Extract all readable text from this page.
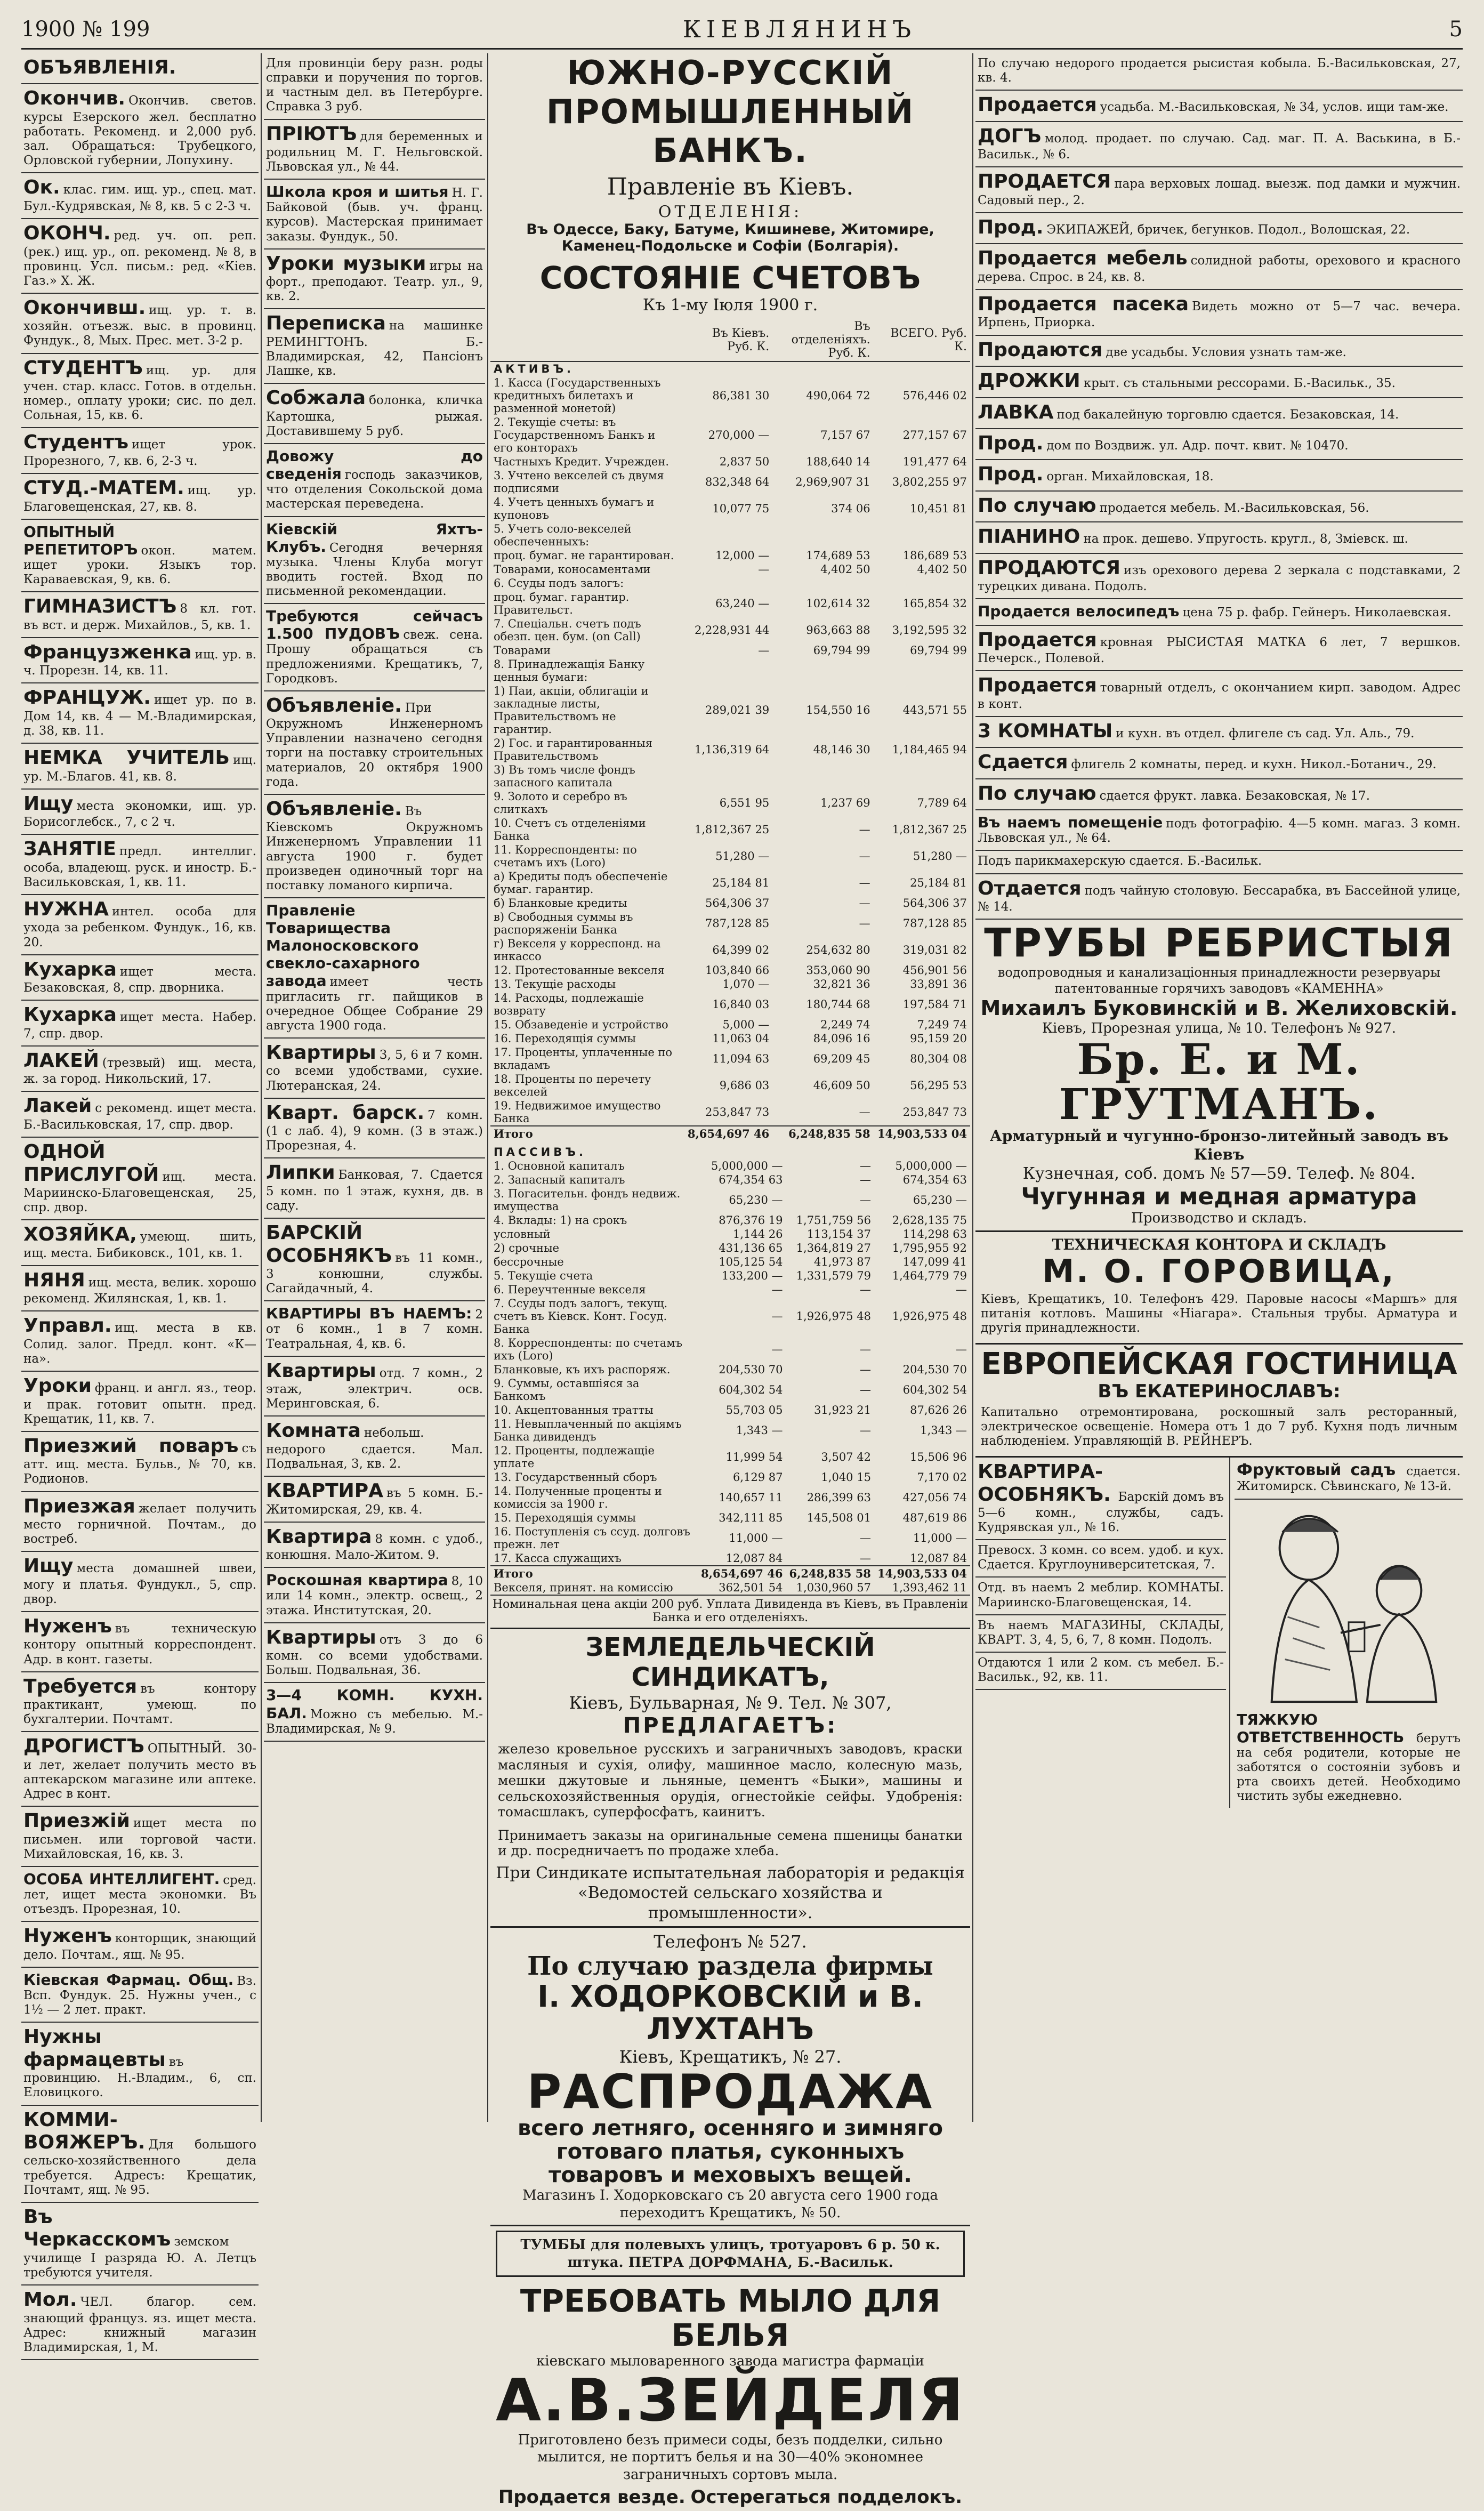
1900 № 199	КІЕВЛЯНИНЪ	5
ОБЪЯВЛЕНІЯ.
Окончив. Окончив. светов. курсы Езерского жел. бесплатно работать. Рекоменд. и 2,000 руб. зал. Обращаться: Трубецкого, Орловской губернии, Лопухину.
Ок. клас. гим. ищ. ур., спец. мат. Бул.-Кудрявская, № 8, кв. 5 с 2-3 ч.
ОКОНЧ. ред. уч. оп. реп. (рек.) ищ. ур., оп. рекоменд. № 8, в провинц. Усл. письм.: ред. «Кіев. Газ.» X. Ж.
Окончивш. ищ. ур. т. в. хозяйн. отъезж. выс. в провинц. Фундук., 8, Мых. Прес. мет. 3-2 р.
СТУДЕНТЪ ищ. ур. для учен. стар. класс. Готов. в отдельн. номер., оплату уроки; сис. по дел. Сольная, 15, кв. 6.
Студентъ ищет урок. Прорезного, 7, кв. 6, 2-3 ч.
СТУД.-МАТЕМ. ищ. ур. Благовещенская, 27, кв. 8.
ОПЫТНЫЙ РЕПЕТИТОРЪ окон. матем. ищет уроки. Языкъ тор. Караваевская, 9, кв. 6.
ГИМНАЗИСТЪ 8 кл. гот. въ вст. и держ. Михайлов., 5, кв. 1.
Французженка ищ. ур. в. ч. Прорезн. 14, кв. 11.
ФРАНЦУЖ. ищет ур. по в. Дом 14, кв. 4 — М.-Владимирская, д. 38, кв. 11.
НЕМКА УЧИТЕЛЬ ищ. ур. М.-Благов. 41, кв. 8.
Ищу места экономки, ищ. ур. Борисоглебск., 7, с 2 ч.
ЗАНЯТІЕ предл. интеллиг. особа, владеющ. руск. и иностр. Б.-Васильковская, 1, кв. 11.
НУЖНА интел. особа для ухода за ребенком. Фундук., 16, кв. 20.
Кухарка ищет места. Безаковская, 8, спр. дворника.
Кухарка ищет места. Набер. 7, спр. двор.
ЛАКЕЙ (трезвый) ищ. места, ж. за город. Никольский, 17.
Лакей с рекоменд. ищет места. Б.-Васильковская, 17, спр. двор.
ОДНОЙ ПРИСЛУГОЙ ищ. места. Мариинско-Благовещенская, 25, спр. двор.
ХОЗЯЙКА, умеющ. шить, ищ. места. Бибиковск., 101, кв. 1.
НЯНЯ ищ. места, велик. хорошо рекоменд. Жилянская, 1, кв. 1.
Управл. ищ. места в кв. Солид. залог. Предл. конт. «К—на».
Уроки франц. и англ. яз., теор. и прак. готовит опытн. пред. Крещатик, 11, кв. 7.
Приезжий поваръ съ атт. ищ. места. Бульв., № 70, кв. Родионов.
Приезжая желает получить место горничной. Почтам., до востреб.
Ищу места домашней швеи, могу и платья. Фундукл., 5, спр. двор.
Нуженъ въ техническую контору опытный корреспондент. Адр. в конт. газеты.
Требуется въ контору практикант, умеющ. по бухгалтерии. Почтамт.
ДРОГИСТЪ ОПЫТНЫЙ. 30-и лет, желает получить место въ аптекарском магазине или аптеке. Адрес в конт.
Приезжій ищет места по письмен. или торговой части. Михайловская, 16, кв. 3.
ОСОБА ИНТЕЛЛИГЕНТ. сред. лет, ищет места экономки. Въ отъездъ. Прорезная, 10.
Нуженъ конторщик, знающий дело. Почтам., ящ. № 95.
Кіевская Фармац. Общ. Вз. Всп. Фундук. 25. Нужны учен., с 1½ — 2 лет. практ.
Нужны фармацевты въ провинцию. Н.-Владим., 6, сп. Еловицкого.
КОММИ-ВОЯЖЕРЪ. Для большого сельско-хозяйственного дела требуется. Адресъ: Крещатик, Почтамт, ящ. № 95.
Въ Черкасскомъ земском училище I разряда Ю. А. Летцъ требуются учителя.
Мол. ЧЕЛ. благор. сем. знающий француз. яз. ищет места. Адрес: книжный магазин Владимирская, 1, М.
Для провинціи беру разн. роды справки и поручения по торгов. и частным дел. въ Петербурге. Справка 3 руб.
ПРІЮТЪ для беременных и родильниц М. Г. Нельговской. Львовская ул., № 44.
Школа кроя и шитья Н. Г. Байковой (быв. уч. франц. курсов). Мастерская принимает заказы. Фундук., 50.
Уроки музыки игры на форт., преподают. Театр. ул., 9, кв. 2.
Переписка на машинке РЕМИНГТОНЪ. Б.-Владимирская, 42, Пансіонъ Лашке, кв.
Собжала болонка, кличка Картошка, рыжая. Доставившему 5 руб.
Довожу до сведенія господь заказчиков, что отделения Сокольской дома мастерская переведена.
Кіевскій Яхтъ-Клубъ. Сегодня вечерняя музыка. Члены Клуба могут вводить гостей. Вход по письменной рекомендации.
Требуются сейчасъ 1.500 ПУДОВЪ свеж. сена. Прошу обращаться съ предложениями. Крещатикъ, 7, Городковъ.
Объявленіе. При Окружномъ Инженерномъ Управлении назначено сегодня торги на поставку строительных материалов, 20 октября 1900 года.
Объявленіе. Въ Кіевскомъ Окружномъ Инженерномъ Управлении 11 августа 1900 г. будет произведен одиночный торг на поставку ломаного кирпича.
Правленіе Товарищества Малоносковского свекло-сахарного завода имеет честь пригласить гг. пайщиков в очередное Общее Собрание 29 августа 1900 года.
Квартиры 3, 5, 6 и 7 комн. со всеми удобствами, сухие. Лютеранская, 24.
Кварт. барск. 7 комн. (1 с лаб. 4), 9 комн. (3 в этаж.) Прорезная, 4.
Липки Банковая, 7. Сдается 5 комн. по 1 этаж, кухня, дв. в саду.
БАРСКІЙ ОСОБНЯКЪ въ 11 комн., 3 конюшни, службы. Сагайдачный, 4.
КВАРТИРЫ ВЪ НАЕМЪ: 2 от 6 комн., 1 в 7 комн. Театральная, 4, кв. 6.
Квартиры отд. 7 комн., 2 этаж, электрич. осв. Меринговская, 6.
Комната небольш. недорого сдается. Мал. Подвальная, 3, кв. 2.
КВАРТИРА въ 5 комн. Б.-Житомирская, 29, кв. 4.
Квартира 8 комн. с удоб., конюшня. Мало-Житом. 9.
Роскошная квартира 8, 10 или 14 комн., электр. освещ., 2 этажа. Институтская, 20.
Квартиры отъ 3 до 6 комн. со всеми удобствами. Больш. Подвальная, 36.
3—4 КОМН. КУХН. БАЛ. Можно съ мебелью. М.-Владимирская, № 9.
ЮЖНО-РУССКІЙ ПРОМЫШЛЕННЫЙ БАНКЪ.
Правленіе въ Кіевъ.
ОТДЕЛЕНІЯ:
Въ Одессе, Баку, Батуме, Кишиневе, Житомире, Каменец-Подольске и Софіи (Болгарія).
СОСТОЯНІЕ СЧЕТОВЪ
Къ 1-му Іюля 1900 г.
	Въ Кіевъ. Руб. К.	Въ отделеніяхъ. Руб. К.	ВСЕГО. Руб. К.
АКТИВЪ.			
1. Касса (Государственныхъ кредитныхъ билетахъ и разменной монетой)	86,381 30	490,064 72	576,446 02
2. Текущіе счеты: въ Государственномъ Банкъ и его конторахъ	270,000 —	7,157 67	277,157 67
Частныхъ Кредит. Учрежден.	2,837 50	188,640 14	191,477 64
3. Учтено векселей съ двумя подписями	832,348 64	2,969,907 31	3,802,255 97
4. Учетъ ценныхъ бумагъ и купоновъ	10,077 75	374 06	10,451 81
5. Учетъ соло-векселей обеспеченныхъ:			
проц. бумаг. не гарантирован.	12,000 —	174,689 53	186,689 53
Товарами, коносаментами	—	4,402 50	4,402 50
6. Ссуды подъ залогъ:			
проц. бумаг. гарантир. Правительст.	63,240 —	102,614 32	165,854 32
7. Спеціальн. счетъ подъ обезп. цен. бум. (on Call)	2,228,931 44	963,663 88	3,192,595 32
Товарами	—	69,794 99	69,794 99
8. Принадлежащія Банку ценныя бумаги:			
1) Паи, акціи, облигаціи и закладные листы, Правительствомъ не гарантир.	289,021 39	154,550 16	443,571 55
2) Гос. и гарантированныя Правительствомъ	1,136,319 64	48,146 30	1,184,465 94
3) Въ томъ числе фондъ запасного капитала			
9. Золото и серебро въ слиткахъ	6,551 95	1,237 69	7,789 64
10. Счетъ съ отделеніями Банка	1,812,367 25	—	1,812,367 25
11. Корреспонденты: по счетамъ ихъ (Loro)	51,280 —	—	51,280 —
а) Кредиты подъ обеспеченіе бумаг. гарантир.	25,184 81	—	25,184 81
б) Бланковые кредиты	564,306 37	—	564,306 37
в) Свободныя суммы въ распоряженіи Банка	787,128 85	—	787,128 85
г) Векселя у корреспонд. на инкассо	64,399 02	254,632 80	319,031 82
12. Протестованные векселя	103,840 66	353,060 90	456,901 56
13. Текущіе расходы	1,070 —	32,821 36	33,891 36
14. Расходы, подлежащіе возврату	16,840 03	180,744 68	197,584 71
15. Обзаведеніе и устройство	5,000 —	2,249 74	7,249 74
16. Переходящія суммы	11,063 04	84,096 16	95,159 20
17. Проценты, уплаченные по вкладамъ	11,094 63	69,209 45	80,304 08
18. Проценты по перечету векселей	9,686 03	46,609 50	56,295 53
19. Недвижимое имущество Банка	253,847 73	—	253,847 73
Итого	8,654,697 46	6,248,835 58	14,903,533 04
ПАССИВЪ.			
1. Основной капиталъ	5,000,000 —	—	5,000,000 —
2. Запасный капиталъ	674,354 63	—	674,354 63
3. Погасительн. фондъ недвиж. имущества	65,230 —	—	65,230 —
4. Вклады: 1) на срокъ	876,376 19	1,751,759 56	2,628,135 75
условный	1,144 26	113,154 37	114,298 63
2) срочные	431,136 65	1,364,819 27	1,795,955 92
бессрочные	105,125 54	41,973 87	147,099 41
5. Текущіе счета	133,200 —	1,331,579 79	1,464,779 79
6. Переучтенные векселя	—	—	—
7. Ссуды подъ залогъ, текущ. счетъ въ Кіевск. Конт. Госуд. Банка	—	1,926,975 48	1,926,975 48
8. Корреспонденты: по счетамъ ихъ (Loro)	—	—	—
Бланковые, къ ихъ распоряж.	204,530 70	—	204,530 70
9. Суммы, оставшіяся за Банкомъ	604,302 54	—	604,302 54
10. Акцептованныя тратты	55,703 05	31,923 21	87,626 26
11. Невыплаченный по акціямъ Банка дивидендъ	1,343 —	—	1,343 —
12. Проценты, подлежащіе уплате	11,999 54	3,507 42	15,506 96
13. Государственный сборъ	6,129 87	1,040 15	7,170 02
14. Полученные проценты и комиссія за 1900 г.	140,657 11	286,399 63	427,056 74
15. Переходящія суммы	342,111 85	145,508 01	487,619 86
16. Поступленія съ ссуд. долговъ прежн. лет	11,000 —	—	11,000 —
17. Касса служащихъ	12,087 84	—	12,087 84
Итого	8,654,697 46	6,248,835 58	14,903,533 04
Векселя, принят. на комиссію	362,501 54	1,030,960 57	1,393,462 11
Номинальная цена акціи 200 руб. Уплата Дивиденда въ Кіевъ, въ Правленіи Банка и его отделеніяхъ.
ЗЕМЛЕДЕЛЬЧЕСКІЙ СИНДИКАТЪ,
Кіевъ, Бульварная, № 9. Тел. № 307,
ПРЕДЛАГАЕТЪ:
железо кровельное русскихъ и заграничныхъ заводовъ, краски масляныя и сухія, олифу, машинное масло, колесную мазь, мешки джутовые и льняные, цементъ «Быки», машины и сельскохозяйственныя орудія, огнестойкіе сейфы. Удобренія: томасшлакъ, суперфосфатъ, каинитъ.
Принимаетъ заказы на оригинальные семена пшеницы банатки и др. посредничаетъ по продаже хлеба.
При Синдикате испытательная лабораторія и редакція «Ведомостей сельскаго хозяйства и промышленности».
Телефонъ № 527.
По случаю раздела фирмы
І. ХОДОРКОВСКІЙ и В. ЛУХТАНЪ
Кіевъ, Крещатикъ, № 27.
РАСПРОДАЖА
всего летняго, осенняго и зимняго готоваго платья, суконныхъ товаровъ и меховыхъ вещей.
Магазинъ І. Ходорковскаго съ 20 августа сего 1900 года переходитъ Крещатикъ, № 50.
ТУМБЫ для полевыхъ улицъ, тротуаровъ 6 р. 50 к. штука. ПЕТРА ДОРФМАНА, Б.-Васильк.
ТРЕБОВАТЬ МЫЛО ДЛЯ БЕЛЬЯ
кіевскаго мыловаренного завода магистра фармаціи
А.В.ЗЕЙДЕЛЯ
Приготовлено безъ примеси соды, безъ подделки, сильно мылится, не портитъ белья и на 30—40% экономнее заграничныхъ сортовъ мыла.
Продается везде. Остерегаться подделокъ.
По случаю недорого продается рысистая кобыла. Б.-Васильковская, 27, кв. 4.
Продается усадьба. М.-Васильковская, № 34, услов. ищи там-же.
ДОГЪ молод. продает. по случаю. Сад. маг. П. А. Васькина, в Б.-Васильк., № 6.
ПРОДАЕТСЯ пара верховых лошад. выезж. под дамки и мужчин. Садовый пер., 2.
Прод. ЭКИПАЖЕЙ, бричек, бегунков. Подол., Волошская, 22.
Продается мебель солидной работы, орехового и красного дерева. Спрос. в 24, кв. 8.
Продается пасека Видеть можно от 5—7 час. вечера. Ирпень, Приорка.
Продаются две усадьбы. Условия узнать там-же.
ДРОЖКИ крыт. съ стальными рессорами. Б.-Васильк., 35.
ЛАВКА под бакалейную торговлю сдается. Безаковская, 14.
Прод. дом по Воздвиж. ул. Адр. почт. квит. № 10470.
Прод. орган. Михайловская, 18.
По случаю продается мебель. М.-Васильковская, 56.
ПІАНИНО на прок. дешево. Упругость. кругл., 8, Зміевск. ш.
ПРОДАЮТСЯ изъ орехового дерева 2 зеркала с подставками, 2 турецких дивана. Подолъ.
Продается велосипедъ цена 75 р. фабр. Гейнеръ. Николаевская.
Продается кровная РЫСИСТАЯ МАТКА 6 лет, 7 вершков. Печерск., Полевой.
Продается товарный отделъ, с окончанием кирп. заводом. Адрес в конт.
3 КОМНАТЫ и кухн. въ отдел. флигеле съ сад. Ул. Аль., 79.
Сдается флигель 2 комнаты, перед. и кухн. Никол.-Ботанич., 29.
По случаю сдается фрукт. лавка. Безаковская, № 17.
Въ наемъ помещеніе подъ фотографію. 4—5 комн. магаз. 3 комн. Львовская ул., № 64.
Подъ парикмахерскую сдается. Б.-Васильк.
Отдается подъ чайную столовую. Бессарабка, въ Бассейной улице, № 14.
ТРУБЫ РЕБРИСТЫЯ
водопроводныя и канализаціонныя принадлежности резервуары патентованные горячихъ заводовъ «КАМЕННА»
Михаилъ Буковинскій и В. Желиховскій.
Кіевъ, Прорезная улица, № 10. Телефонъ № 927.
Бр. Е. и М. ГРУТМАНЪ.
Арматурный и чугунно-бронзо-литейный заводъ въ Кіевъ
Кузнечная, соб. домъ № 57—59. Телеф. № 804.
Чугунная и медная арматура
Производство и складъ.
ТЕХНИЧЕСКАЯ КОНТОРА И СКЛАДЪ
М. О. ГОРОВИЦА,
Кіевъ, Крещатикъ, 10. Телефонъ 429. Паровые насосы «Маршъ» для питанія котловъ. Машины «Ніагара». Стальныя трубы. Арматура и другія принадлежности.
ЕВРОПЕЙСКАЯ ГОСТИНИЦА
ВЪ ЕКАТЕРИНОСЛАВЪ:
Капитально отремонтирована, роскошный залъ ресторанный, электрическое освещеніе. Номера отъ 1 до 7 руб. Кухня подъ личным наблюденіем. Управляющій В. РЕЙНЕРЪ.
КВАРТИРА-ОСОБНЯКЪ. Барскій домъ въ 5—6 комн., службы, садъ. Кудрявская ул., № 16.
Превосх. 3 комн. со всем. удоб. и кух. Сдается. Круглоуниверситетская, 7.
Отд. въ наемъ 2 меблир. КОМНАТЫ. Мариинско-Благовещенская, 14.
Въ наемъ МАГАЗИНЫ, СКЛАДЫ, КВАРТ. 3, 4, 5, 6, 7, 8 комн. Подолъ.
Отдаются 1 или 2 ком. съ мебел. Б.-Васильк., 92, кв. 11.
Фруктовый садъ сдается. Житомирск. Сѣвинскаго, № 13-й.
ТЯЖКУЮ ОТВЕТСТВЕННОСТЬ берутъ на себя родители, которые не заботятся о состояніи зубовъ и рта своихъ детей. Необходимо чистить зубы ежедневно.
